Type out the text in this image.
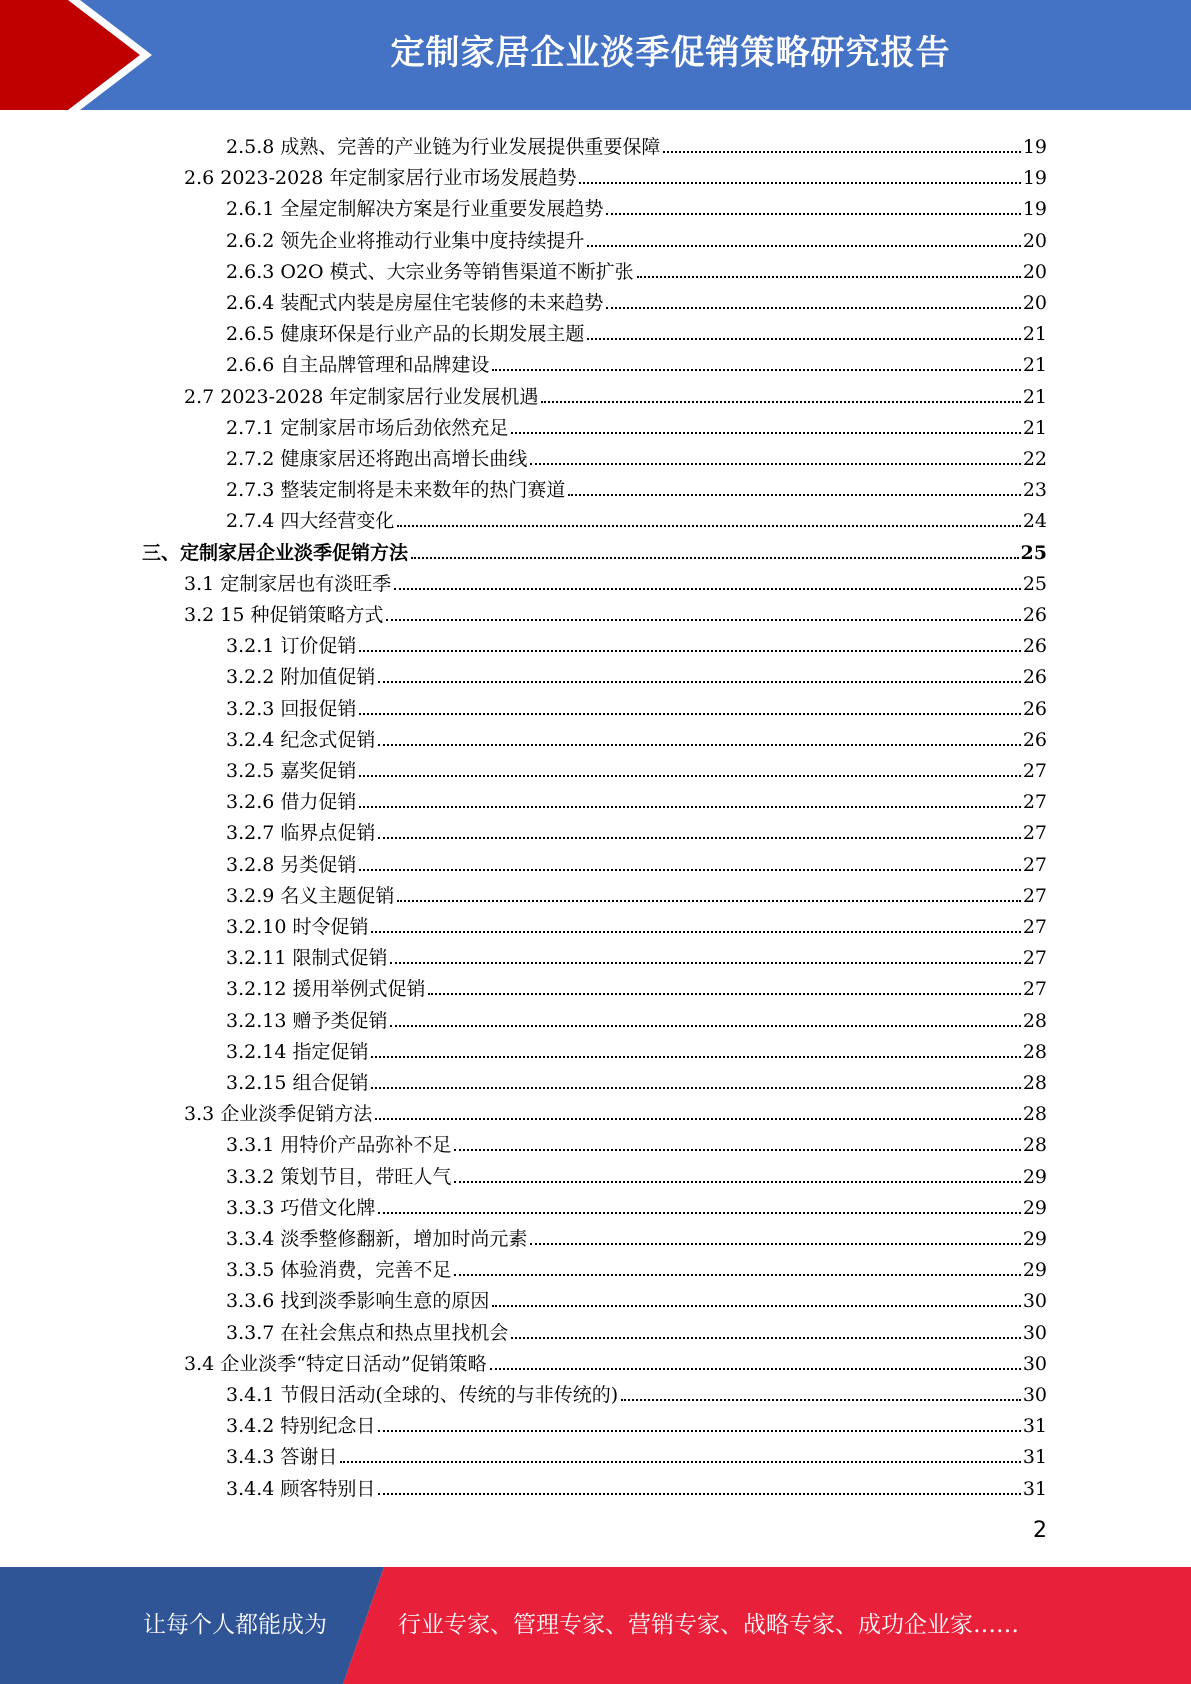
定制家居企业淡季促销策略研究报告
2.5.8 成熟、完善的产业链为行业发展提供重要保障	19
2.6 2023-2028 年定制家居行业市场发展趋势	19
2.6.1 全屋定制解决方案是行业重要发展趋势	19
2.6.2 领先企业将推动行业集中度持续提升	20
2.6.3 O2O 模式、大宗业务等销售渠道不断扩张	20
2.6.4 装配式内装是房屋住宅装修的未来趋势	20
2.6.5 健康环保是行业产品的长期发展主题	21
2.6.6 自主品牌管理和品牌建设	21
2.7 2023-2028 年定制家居行业发展机遇	21
2.7.1 定制家居市场后劲依然充足	21
2.7.2 健康家居还将跑出高增长曲线	22
2.7.3 整装定制将是未来数年的热门赛道	23
2.7.4 四大经营变化	24
三、定制家居企业淡季促销方法	25
3.1 定制家居也有淡旺季	25
3.2 15 种促销策略方式	26
3.2.1 订价促销	26
3.2.2 附加值促销	26
3.2.3 回报促销	26
3.2.4 纪念式促销	26
3.2.5 嘉奖促销	27
3.2.6 借力促销	27
3.2.7 临界点促销	27
3.2.8 另类促销	27
3.2.9 名义主题促销	27
3.2.10 时令促销	27
3.2.11 限制式促销	27
3.2.12 援用举例式促销	27
3.2.13 赠予类促销	28
3.2.14 指定促销	28
3.2.15 组合促销	28
3.3 企业淡季促销方法	28
3.3.1 用特价产品弥补不足	28
3.3.2 策划节目，带旺人气	29
3.3.3 巧借文化牌	29
3.3.4 淡季整修翻新，增加时尚元素	29
3.3.5 体验消费，完善不足	29
3.3.6 找到淡季影响生意的原因	30
3.3.7 在社会焦点和热点里找机会	30
3.4 企业淡季“特定日活动”促销策略	30
3.4.1 节假日活动(全球的、传统的与非传统的)	30
3.4.2 特别纪念日	31
3.4.3 答谢日	31
3.4.4 顾客特别日	31
2
让每个人都能成为	行业专家、管理专家、营销专家、战略专家、成功企业家……
